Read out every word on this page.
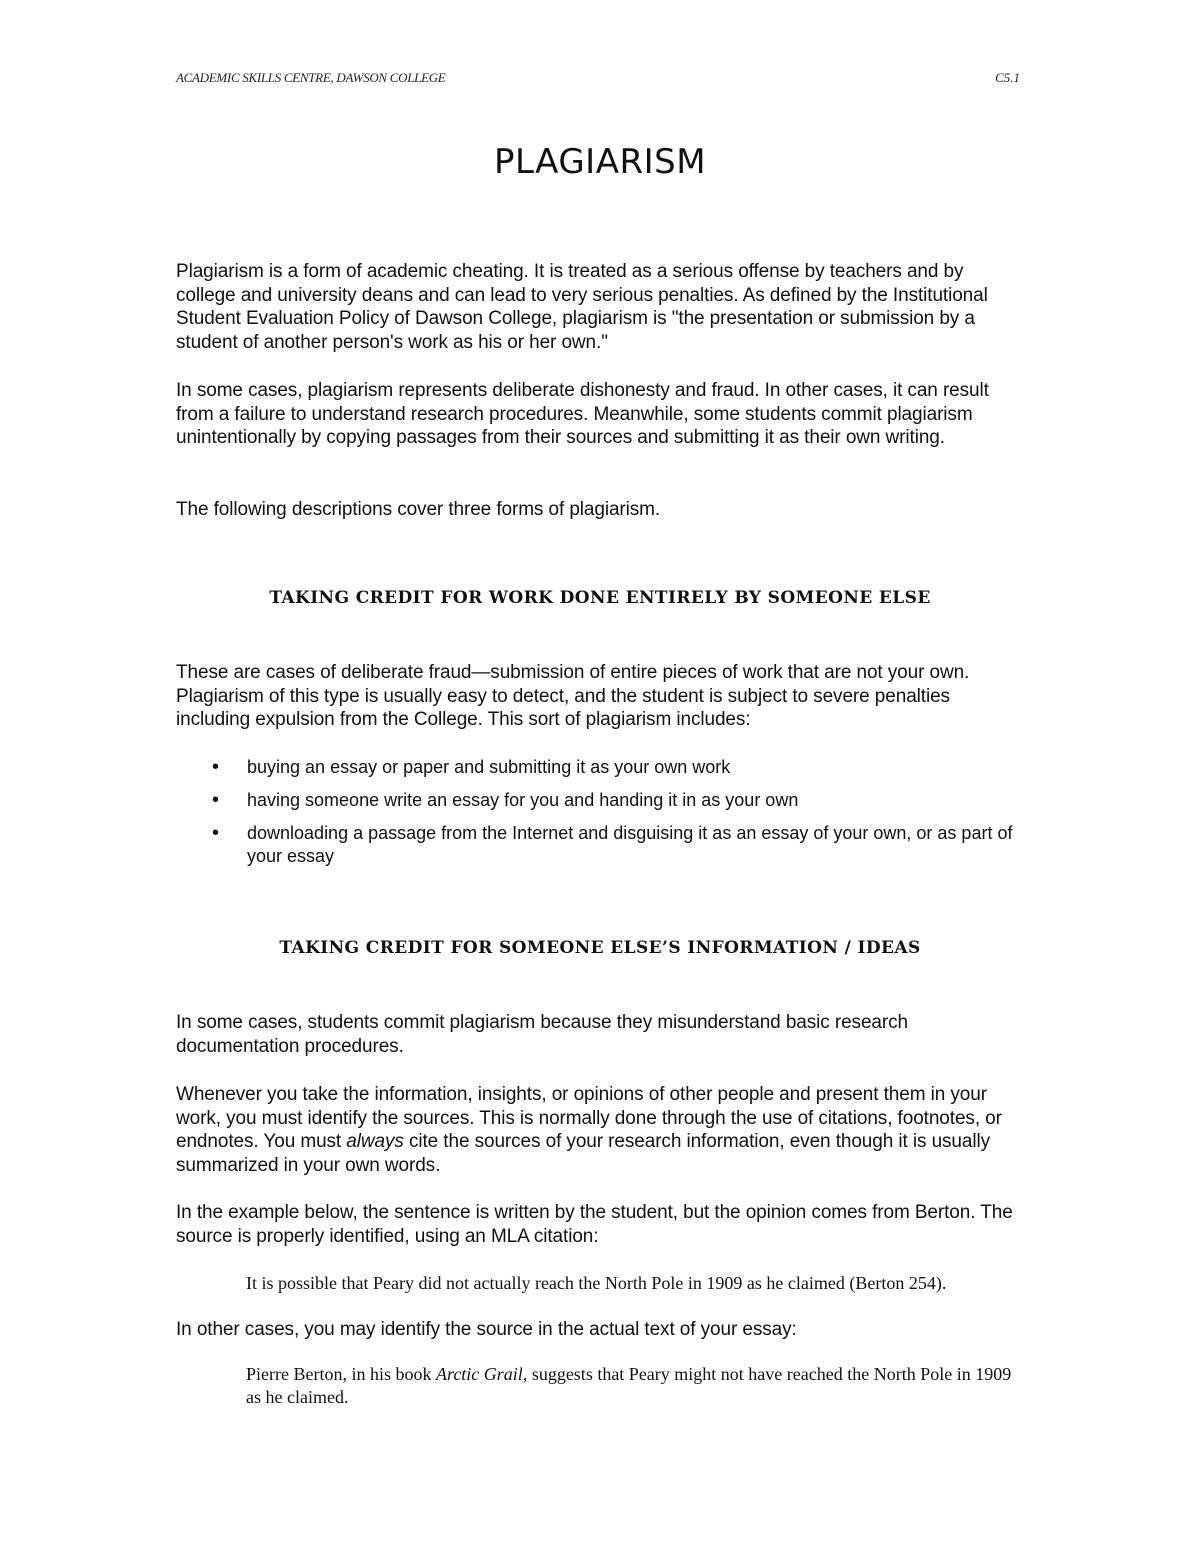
ACADEMIC SKILLS CENTRE, DAWSON COLLEGE	C5.1
PLAGIARISM

Plagiarism is a form of academic cheating. It is treated as a serious offense by teachers and by college and university deans and can lead to very serious penalties. As defined by the Institutional Student Evaluation Policy of Dawson College, plagiarism is "the presentation or submission by a student of another person's work as his or her own."

In some cases, plagiarism represents deliberate dishonesty and fraud. In other cases, it can result from a failure to understand research procedures. Meanwhile, some students commit plagiarism unintentionally by copying passages from their sources and submitting it as their own writing.

The following descriptions cover three forms of plagiarism.

TAKING CREDIT FOR WORK DONE ENTIRELY BY SOMEONE ELSE

These are cases of deliberate fraud—submission of entire pieces of work that are not your own. Plagiarism of this type is usually easy to detect, and the student is subject to severe penalties including expulsion from the College. This sort of plagiarism includes:

• buying an essay or paper and submitting it as your own work
• having someone write an essay for you and handing it in as your own
• downloading a passage from the Internet and disguising it as an essay of your own, or as part of your essay
TAKING CREDIT FOR SOMEONE ELSE’S INFORMATION / IDEAS

In some cases, students commit plagiarism because they misunderstand basic research documentation procedures.

Whenever you take the information, insights, or opinions of other people and present them in your work, you must identify the sources. This is normally done through the use of citations, footnotes, or endnotes. You must always cite the sources of your research information, even though it is usually summarized in your own words.

In the example below, the sentence is written by the student, but the opinion comes from Berton. The source is properly identified, using an MLA citation:

It is possible that Peary did not actually reach the North Pole in 1909 as he claimed (Berton 254).

In other cases, you may identify the source in the actual text of your essay:

Pierre Berton, in his book Arctic Grail, suggests that Peary might not have reached the North Pole in 1909 as he claimed.
